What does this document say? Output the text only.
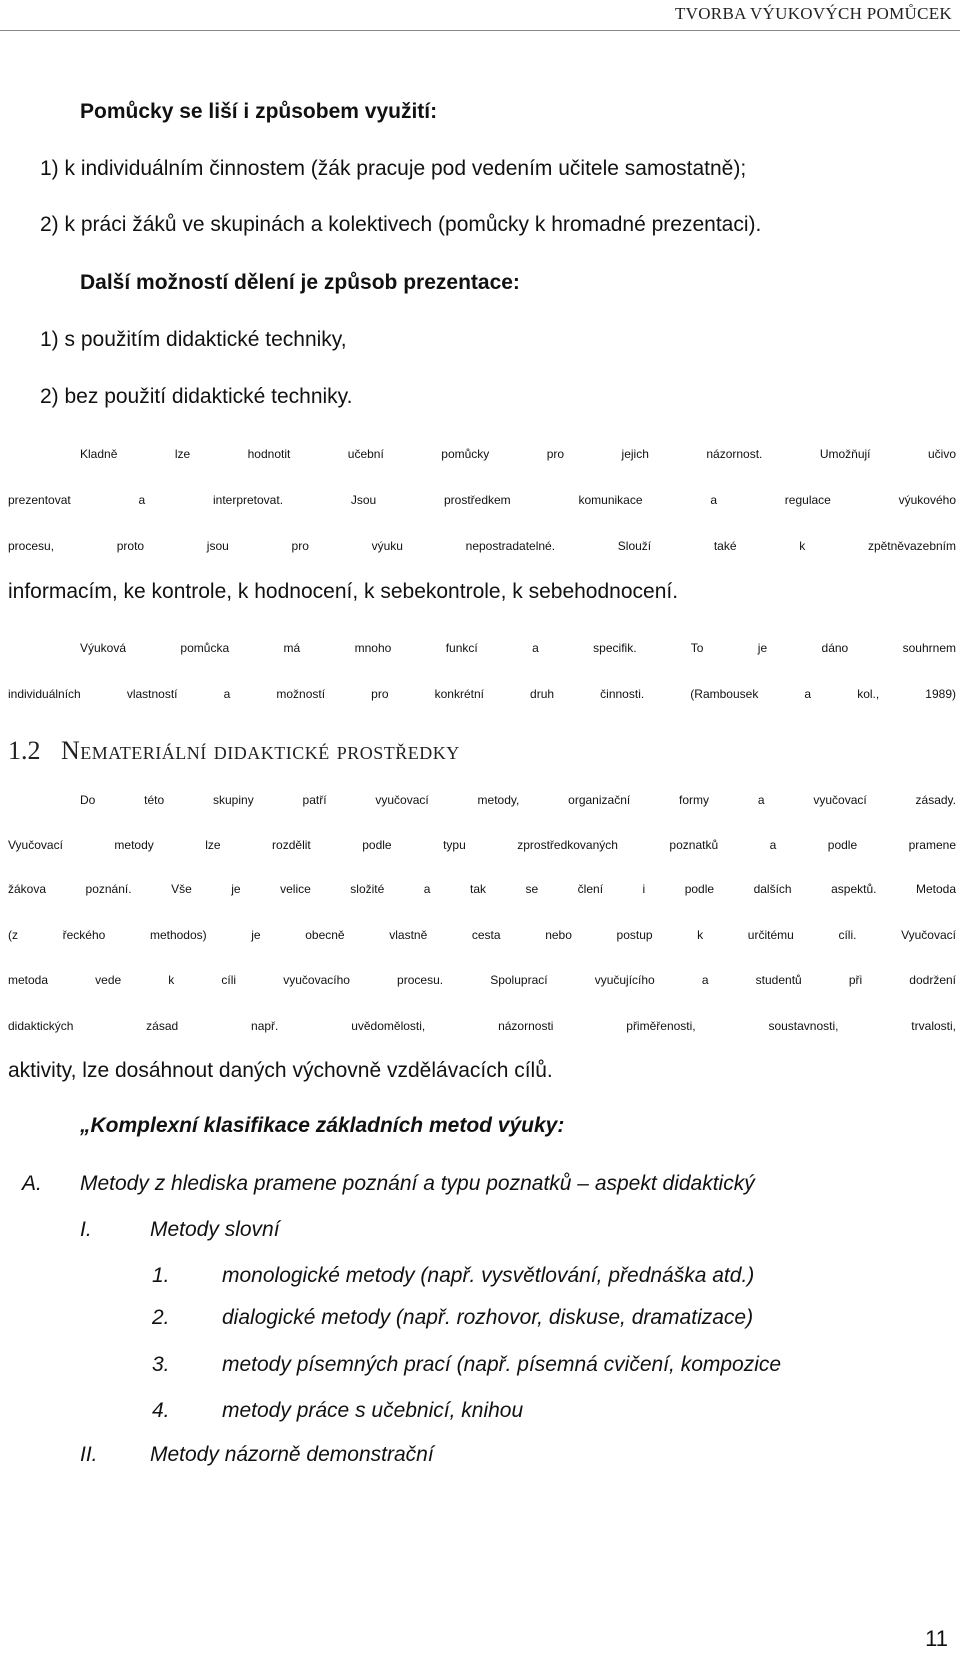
TVORBA VÝUKOVÝCH POMŮCEK
Pomůcky se liší i způsobem využití:
1) k individuálním činnostem (žák pracuje pod vedením učitele samostatně);
2) k práci žáků ve skupinách a kolektivech (pomůcky k hromadné prezentaci).
Další možností dělení je způsob prezentace:
1) s použitím didaktické techniky,
2) bez použití didaktické techniky.
Kladně lze hodnotit učební pomůcky pro jejich názornost. Umožňují učivo
prezentovat a interpretovat. Jsou prostředkem komunikace a regulace výukového
procesu, proto jsou pro výuku nepostradatelné. Slouží také k zpětněvazebním
informacím, ke kontrole, k hodnocení, k sebekontrole, k sebehodnocení.
Výuková pomůcka má mnoho funkcí a specifik. To je dáno souhrnem
individuálních vlastností a možností pro konkrétní druh činnosti. (Rambousek a kol., 1989)
1.2 Nemateriální didaktické prostředky
Do této skupiny patří vyučovací metody, organizační formy a vyučovací zásady.
Vyučovací metody lze rozdělit podle typu zprostředkovaných poznatků a podle pramene
žákova poznání. Vše je velice složité a tak se člení i podle dalších aspektů. Metoda
(z řeckého methodos) je obecně vlastně cesta nebo postup k určitému cíli. Vyučovací
metoda vede k cíli vyučovacího procesu. Spoluprací vyučujícího a studentů při dodržení
didaktických zásad např. uvědomělosti, názornosti přiměřenosti, soustavnosti, trvalosti,
aktivity, lze dosáhnout daných výchovně vzdělávacích cílů.
„Komplexní klasifikace základních metod výuky:
A. Metody z hlediska pramene poznání a typu poznatků – aspekt didaktický
I.	Metody slovní
1. monologické metody (např. vysvětlování, přednáška atd.)
2. dialogické metody (např. rozhovor, diskuse, dramatizace)
3. metody písemných prací (např. písemná cvičení, kompozice
4. metody práce s učebnicí, knihou
II. Metody názorně demonstrační
11
